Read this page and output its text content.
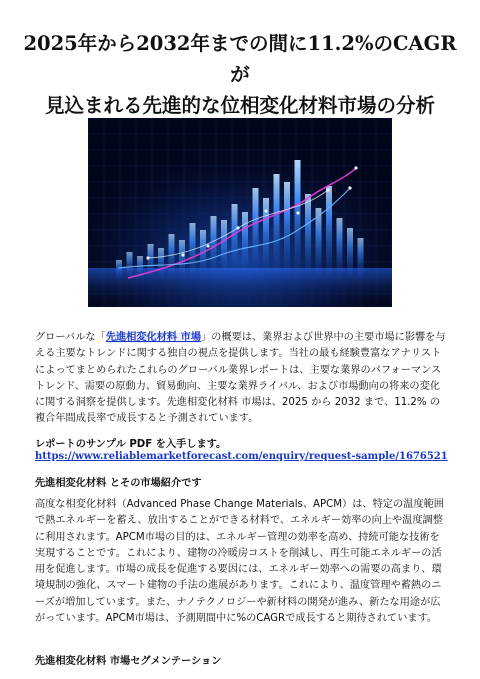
2025年から2032年までの間に11.2%のCAGRが
見込まれる先進的な位相変化材料市場の分析

グローバルな「先進相変化材料 市場」の概要は、業界および世界中の主要市場に影響を与える主要なトレンドに関する独自の視点を提供します。当社の最も経験豊富なアナリストによってまとめられたこれらのグローバル業界レポートは、主要な業界のパフォーマンス トレンド、需要の原動力、貿易動向、主要な業界ライバル、および市場動向の将来の変化に関する洞察を提供します。先進相変化材料 市場は、2025 から 2032 まで、11.2% の複合年間成長率で成長すると予測されています。

レポートのサンプル PDF を入手します。

https://www.reliablemarketforecast.com/enquiry/request-sample/1676521

先進相変化材料 とその市場紹介です

高度な相変化材料（Advanced Phase Change Materials、APCM）は、特定の温度範囲で熱エネルギーを蓄え、放出することができる材料で、エネルギー効率の向上や温度調整に利用されます。APCM市場の目的は、エネルギー管理の効率を高め、持続可能な技術を実現することです。これにより、建物の冷暖房コストを削減し、再生可能エネルギーの活用を促進します。市場の成長を促進する要因には、エネルギー効率への需要の高まり、環境規制の強化、スマート建物の手法の進展があります。これにより、温度管理や蓄熱のニーズが増加しています。また、ナノテクノロジーや新材料の開発が進み、新たな用途が広がっています。APCM市場は、予測期間中に%のCAGRで成長すると期待されています。

先進相変化材料 市場セグメンテーション
